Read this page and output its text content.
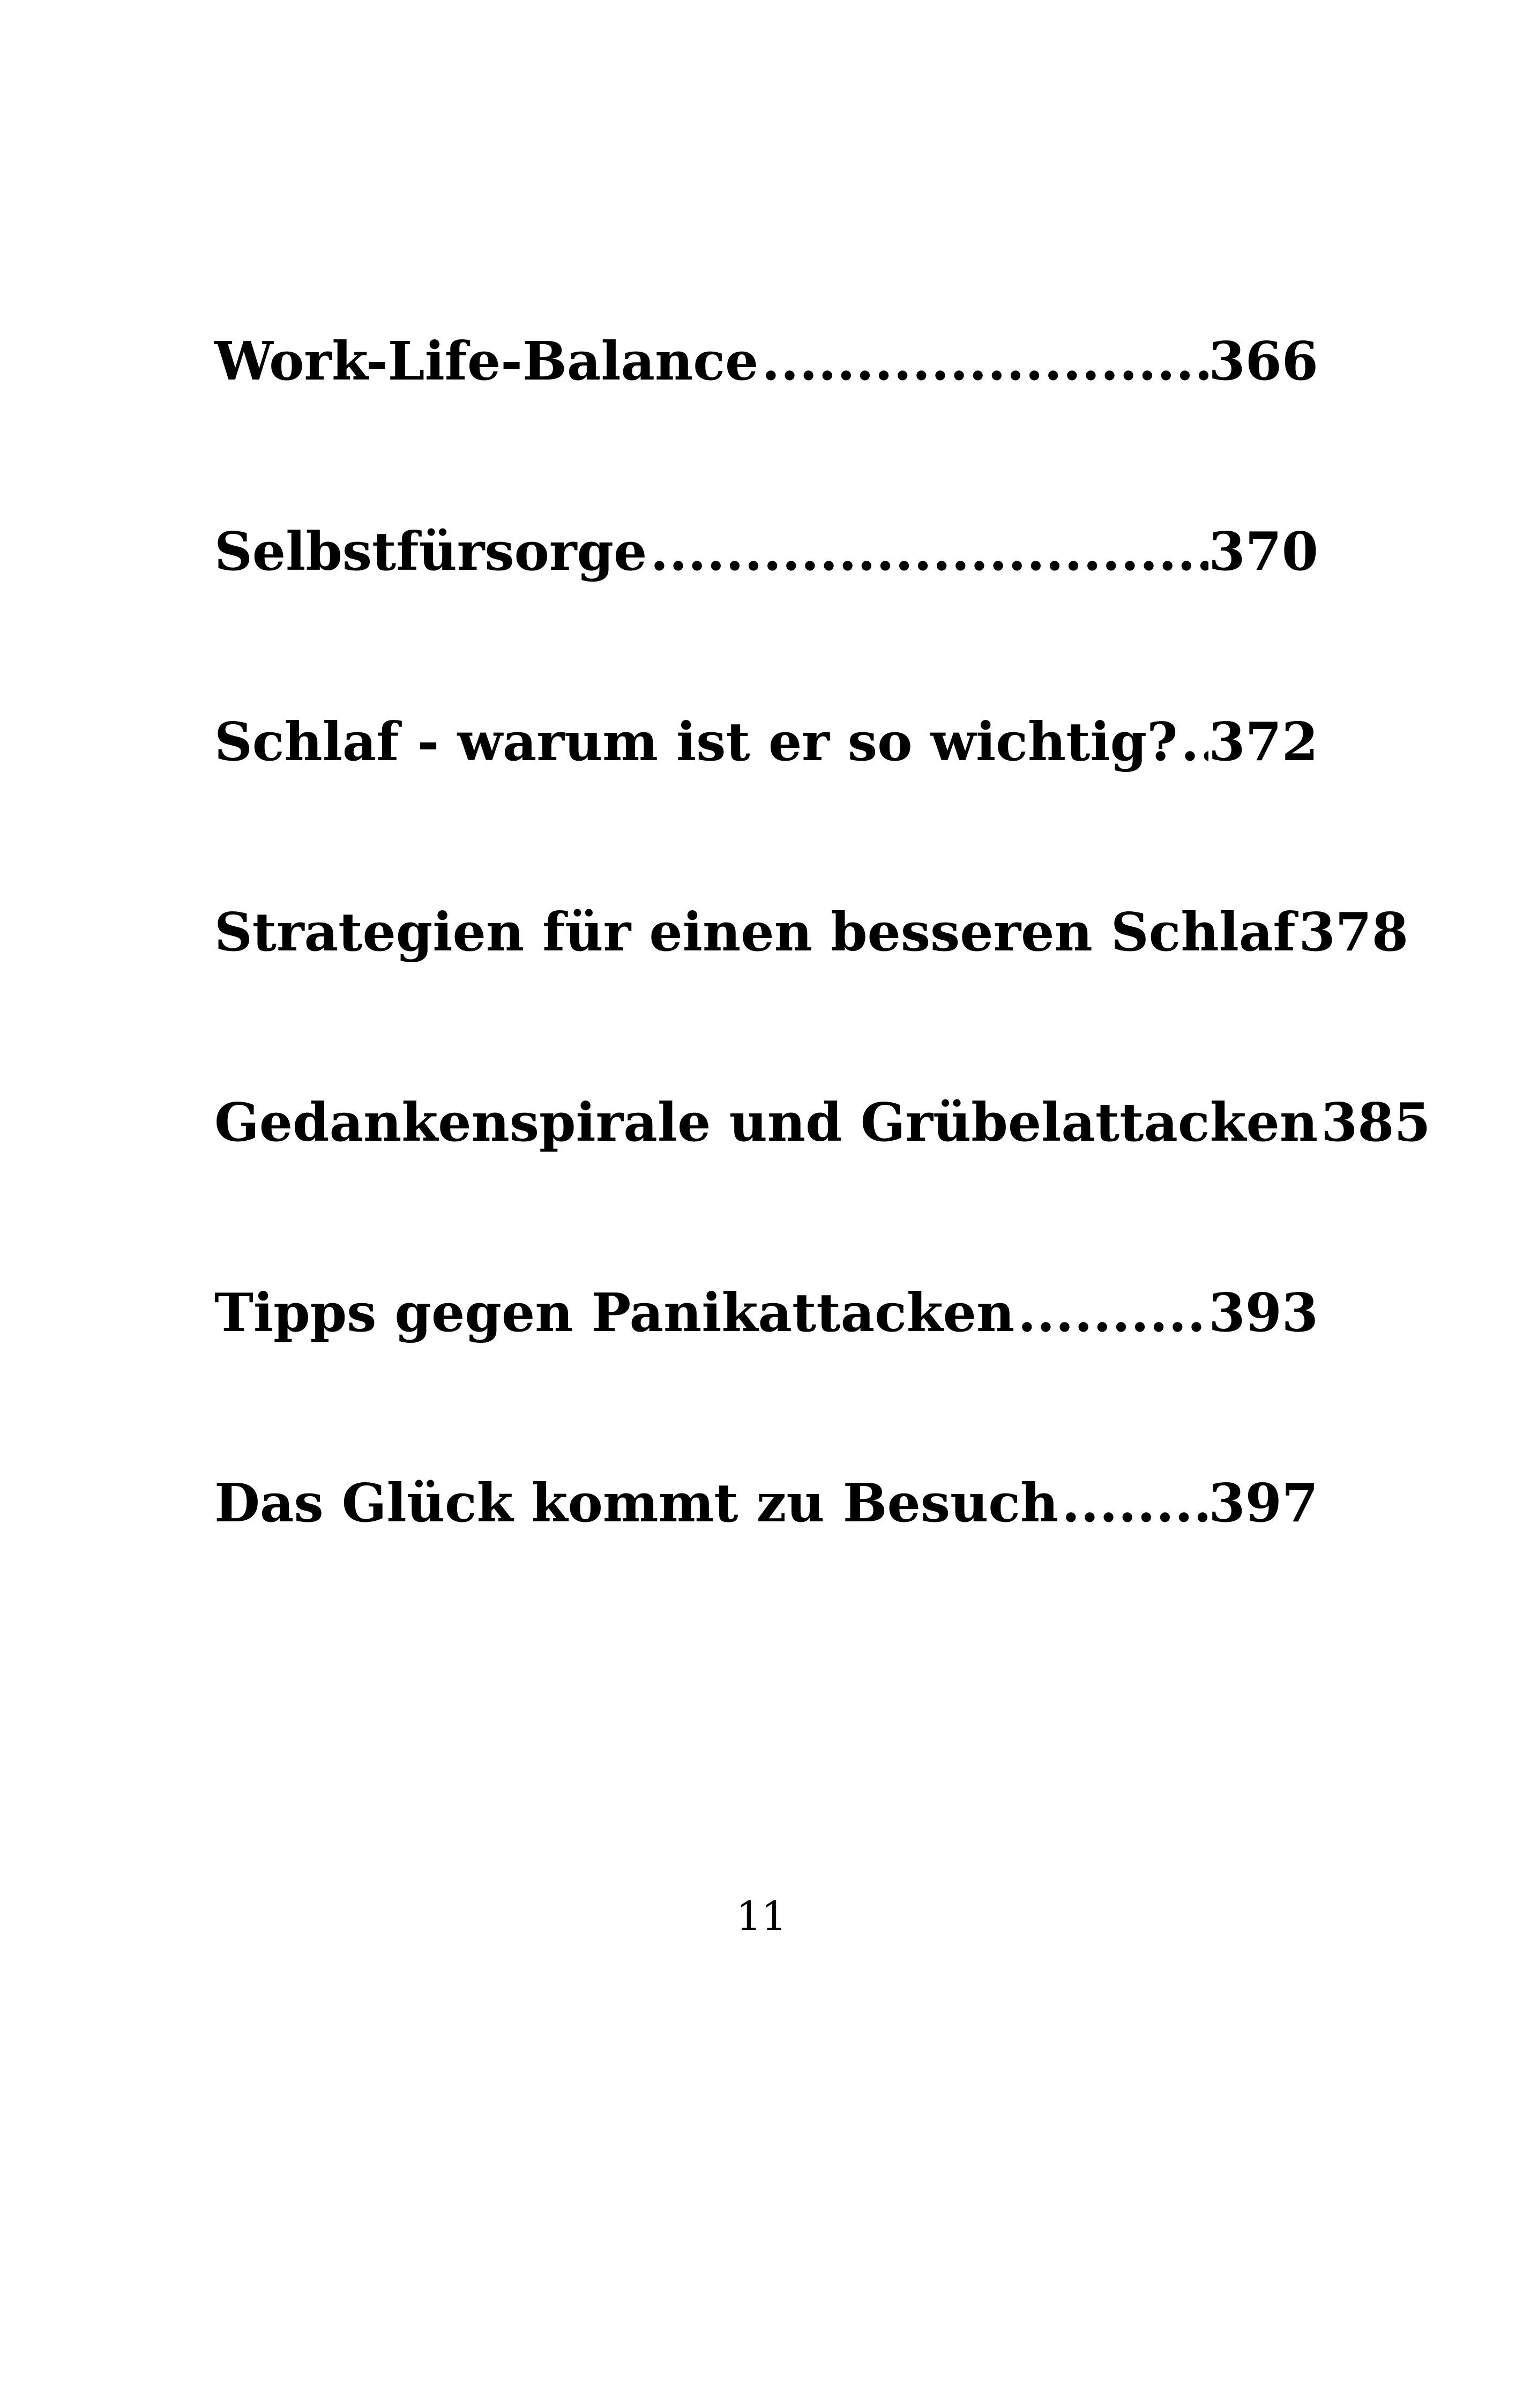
Work-Life-Balance .....	366
Selbstfürsorge .....	370
Schlaf - warum ist er so wichtig? ..... 372
Strategien für einen besseren Schlaf 378
Gedankenspirale und Grübelattacken 385
Tipps gegen Panikattacken .....	393
Das Glück kommt zu Besuch .....	397
11
